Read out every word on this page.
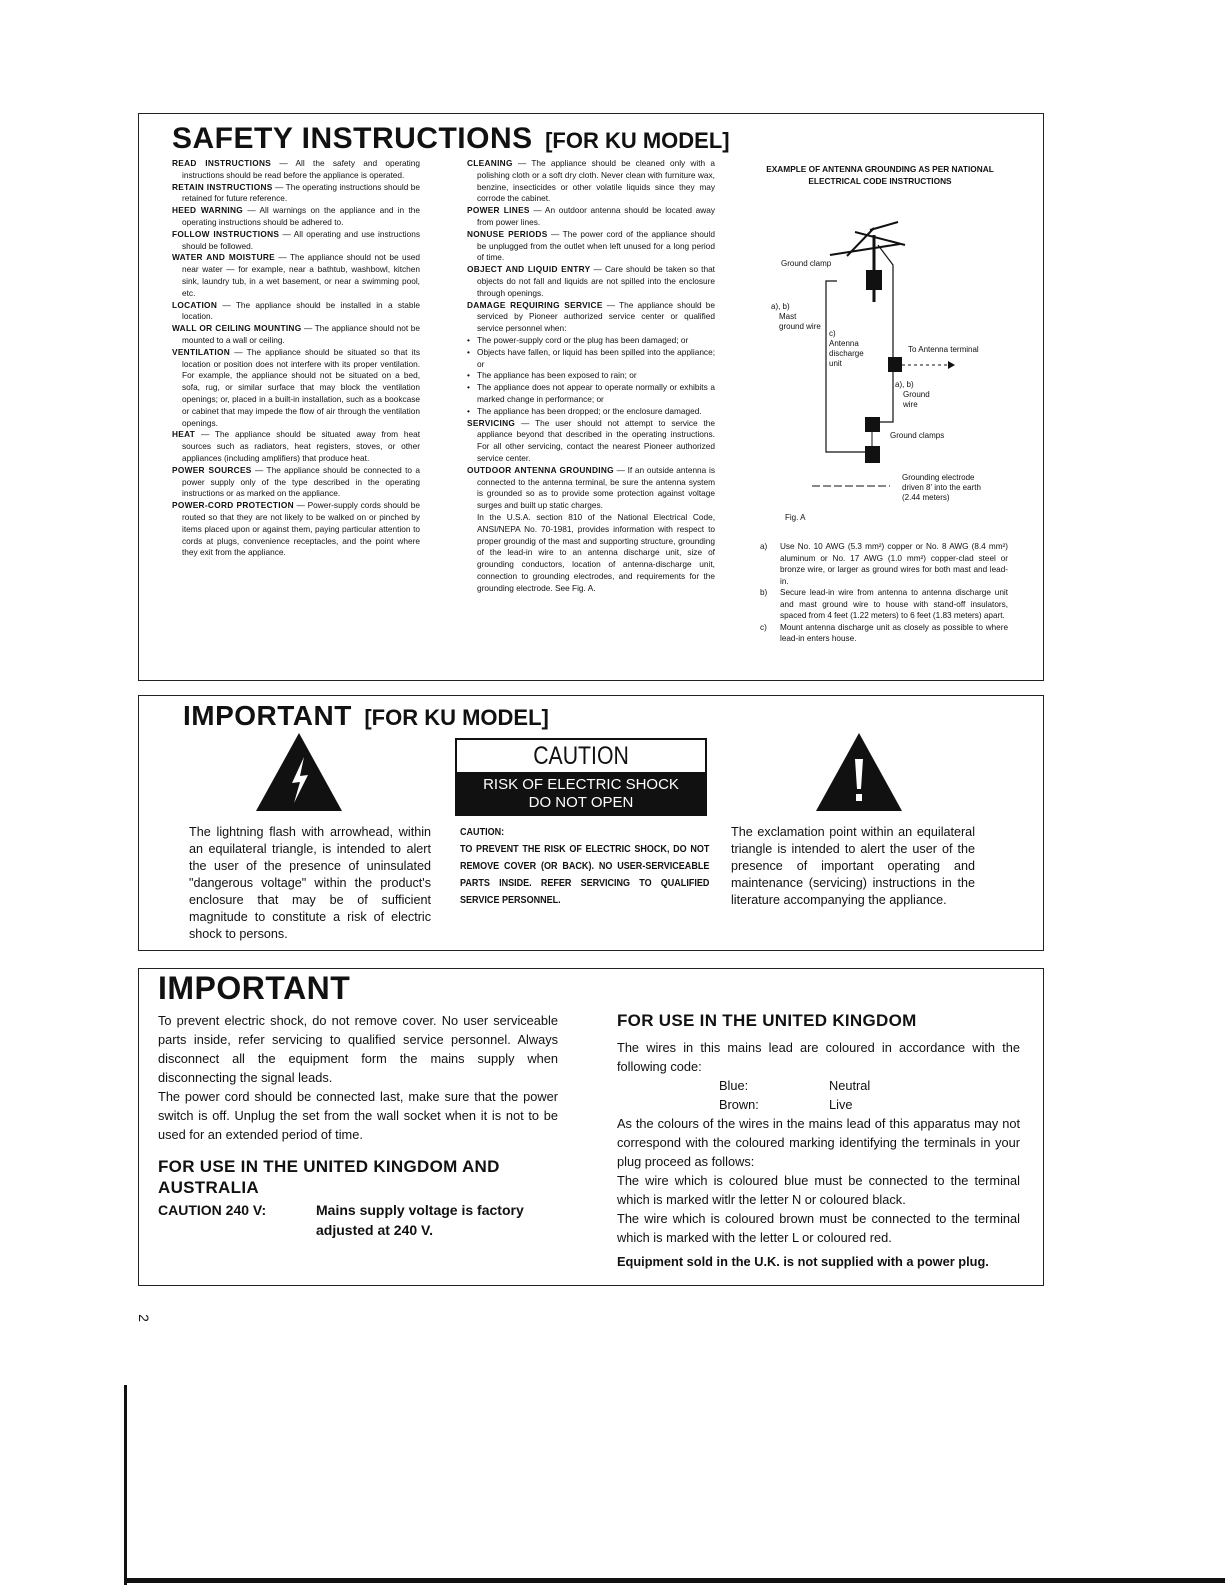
SAFETY INSTRUCTIONS [FOR KU MODEL]

READ INSTRUCTIONS — All the safety and operating instructions should be read before the appliance is operated.

RETAIN INSTRUCTIONS — The operating instructions should be retained for future reference.

HEED WARNING — All warnings on the appliance and in the operating instructions should be adhered to.

FOLLOW INSTRUCTIONS — All operating and use instructions should be followed.

WATER AND MOISTURE — The appliance should not be used near water — for example, near a bathtub, washbowl, kitchen sink, laundry tub, in a wet basement, or near a swimming pool, etc.

LOCATION — The appliance should be installed in a stable location.

WALL OR CEILING MOUNTING — The appliance should not be mounted to a wall or ceiling.

VENTILATION — The appliance should be situated so that its location or position does not interfere with its proper ventilation. For example, the appliance should not be situated on a bed, sofa, rug, or similar surface that may block the ventilation openings; or, placed in a built-in installation, such as a bookcase or cabinet that may impede the flow of air through the ventilation openings.

HEAT — The appliance should be situated away from heat sources such as radiators, heat registers, stoves, or other appliances (including amplifiers) that produce heat.

POWER SOURCES — The appliance should be connected to a power supply only of the type described in the operating instructions or as marked on the appliance.

POWER-CORD PROTECTION — Power-supply cords should be routed so that they are not likely to be walked on or pinched by items placed upon or against them, paying particular attention to cords at plugs, convenience receptacles, and the point where they exit from the appliance.

CLEANING — The appliance should be cleaned only with a polishing cloth or a soft dry cloth. Never clean with furniture wax, benzine, insecticides or other volatile liquids since they may corrode the cabinet.

POWER LINES — An outdoor antenna should be located away from power lines.

NONUSE PERIODS — The power cord of the appliance should be unplugged from the outlet when left unused for a long period of time.

OBJECT AND LIQUID ENTRY — Care should be taken so that objects do not fall and liquids are not spilled into the enclosure through openings.

DAMAGE REQUIRING SERVICE — The appliance should be serviced by Pioneer authorized service center or qualified service personnel when:

• The power-supply cord or the plug has been damaged; or
• Objects have fallen, or liquid has been spilled into the appliance; or
• The appliance has been exposed to rain; or
• The appliance does not appear to operate normally or exhibits a marked change in performance; or
• The appliance has been dropped; or the enclosure damaged.

SERVICING — The user should not attempt to service the appliance beyond that described in the operating instructions. For all other servicing, contact the nearest Pioneer authorized service center.

OUTDOOR ANTENNA GROUNDING — If an outside antenna is connected to the antenna terminal, be sure the antenna system is grounded so as to provide some protection against voltage surges and built up static charges.

In the U.S.A. section 810 of the National Electrical Code, ANSI/NEPA No. 70-1981, provides information with respect to proper groundig of the mast and supporting structure, grounding of the lead-in wire to an antenna discharge unit, size of grounding conductors, location of antenna-discharge unit, connection to grounding electrodes, and requirements for the grounding electrode. See Fig. A.

EXAMPLE OF ANTENNA GROUNDING AS PER NATIONAL ELECTRICAL CODE INSTRUCTIONS
Ground clamp
a), b)
Mast ground wire
c)
Antenna discharge unit
To Antenna terminal
a), b)
Ground wire
Ground clamps
Grounding electrode driven 8' into the earth (2.44 meters)
Fig. A
a)	Use No. 10 AWG (5.3 mm²) copper or No. 8 AWG (8.4 mm²) aluminum or No. 17 AWG (1.0 mm²) copper-clad steel or bronze wire, or larger as ground wires for both mast and lead-in.
b)	Secure lead-in wire from antenna to antenna discharge unit and mast ground wire to house with stand-off insulators, spaced from 4 feet (1.22 meters) to 6 feet (1.83 meters) apart.
c)	Mount antenna discharge unit as closely as possible to where lead-in enters house.
IMPORTANT [FOR KU MODEL]
The lightning flash with arrowhead, within an equilateral triangle, is intended to alert the user of the presence of uninsulated "dangerous voltage" within the product's enclosure that may be of sufficient magnitude to constitute a risk of electric shock to persons.
CAUTION
RISK OF ELECTRIC SHOCK
DO NOT OPEN
CAUTION:
TO PREVENT THE RISK OF ELECTRIC SHOCK, DO NOT REMOVE COVER (OR BACK). NO USER-SERVICEABLE PARTS INSIDE. REFER SERVICING TO QUALIFIED SERVICE PERSONNEL.
The exclamation point within an equilateral triangle is intended to alert the user of the presence of important operating and maintenance (servicing) instructions in the literature accompanying the appliance.
IMPORTANT

To prevent electric shock, do not remove cover. No user serviceable parts inside, refer servicing to qualified service personnel. Always disconnect all the equipment form the mains supply when disconnecting the signal leads.

The power cord should be connected last, make sure that the power switch is off. Unplug the set from the wall socket when it is not to be used for an extended period of time.

FOR USE IN THE UNITED KINGDOM AND AUSTRALIA
CAUTION 240 V:	Mains supply voltage is factory adjusted at 240 V.
FOR USE IN THE UNITED KINGDOM

The wires in this mains lead are coloured in accordance with the following code:

Blue:	Neutral
Brown:	Live

As the colours of the wires in the mains lead of this apparatus may not correspond with the coloured marking identifying the terminals in your plug proceed as follows:

The wire which is coloured blue must be connected to the terminal which is marked witlr the letter N or coloured black.

The wire which is coloured brown must be connected to the terminal which is marked with the letter L or coloured red.

Equipment sold in the U.K. is not supplied with a power plug.

2
